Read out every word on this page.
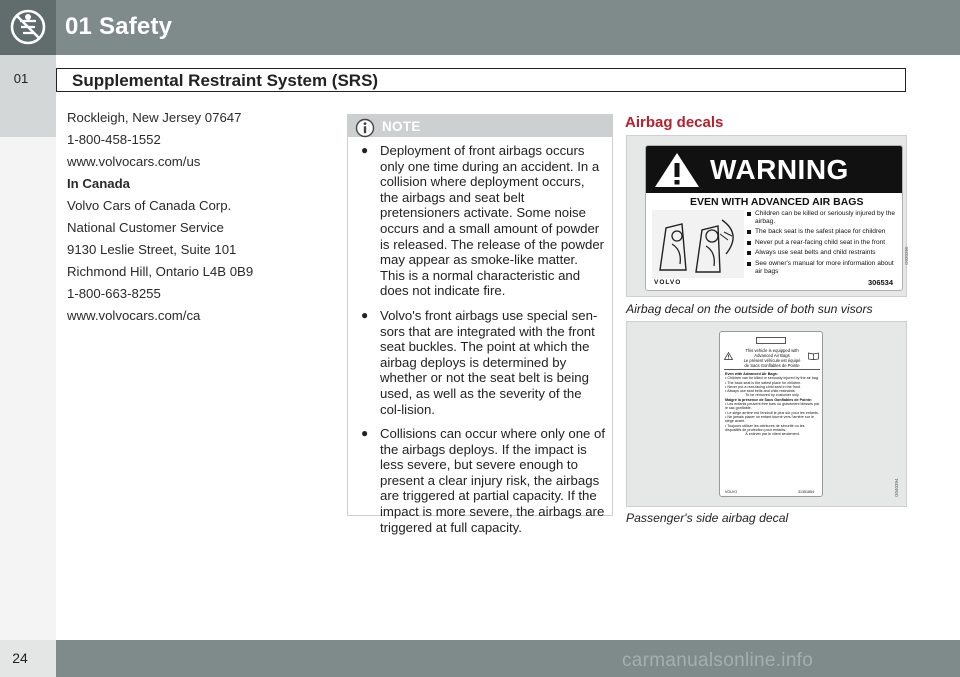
01 Safety
01	Supplemental Restraint System (SRS)

Rockleigh, New Jersey 07647

1-800-458-1552

www.volvocars.com/us

In Canada

Volvo Cars of Canada Corp.

National Customer Service

9130 Leslie Street, Suite 101

Richmond Hill, Ontario L4B 0B9

1-800-663-8255

www.volvocars.com/ca

NOTE
● Deployment of front airbags occurs only one time during an accident. In a collision where deployment occurs, the airbags and seat belt pretensioners activate. Some noise occurs and a small amount of powder is released. The release of the powder may appear as smoke-like matter. This is a normal characteristic and does not indicate fire.
● Volvo's front airbags use special sen-sors that are integrated with the front seat buckles. The point at which the airbag deploys is determined by whether or not the seat belt is being used, as well as the severity of the col-lision.
● Collisions can occur where only one of the airbags deploys. If the impact is less severe, but severe enough to present a clear injury risk, the airbags are triggered at partial capacity. If the impact is more severe, the airbags are triggered at full capacity.
Airbag decals
WARNING
EVEN WITH ADVANCED AIR BAGS
Children can be killed or seriously injured by the airbag.
The back seat is the safest place for children
Never put a rear-facing child seat in the front
Always use seat belts and child restraints
See owner's manual for more information about air bags
VOLVO	306534
G020265
Airbag decal on the outside of both sun visors
This vehicle is equipped with
Advanced Air Bags
Le présent véhicule est équipé
de Sacs Gonflables de Pointe
Even with Advanced Air Bags:
• Children can be killed or seriously injured by the air bag.
• The back seat is the safest place for children.
• Never put a rear-facing child seat in the front.
• Always use seat belts and child restraints.
To be removed by customer only.
Malgré la présence de Sacs Gonflables de Pointe:
• Les enfants peuvent être tués ou gravement blessés par le sac gonflable.
• Le siège arrière est l'endroit le plus sûr pour les enfants.
• Ne jamais placer un enfant tourné vers l'arrière sur le siège avant.
• Toujours utiliser les ceintures de sécurité ou les dispositifs de protection pour enfants.
À enlever par le client seulement.
VOLVO	31351854	G040394
Passenger's side airbag decal
24	carmanualsonline.info
